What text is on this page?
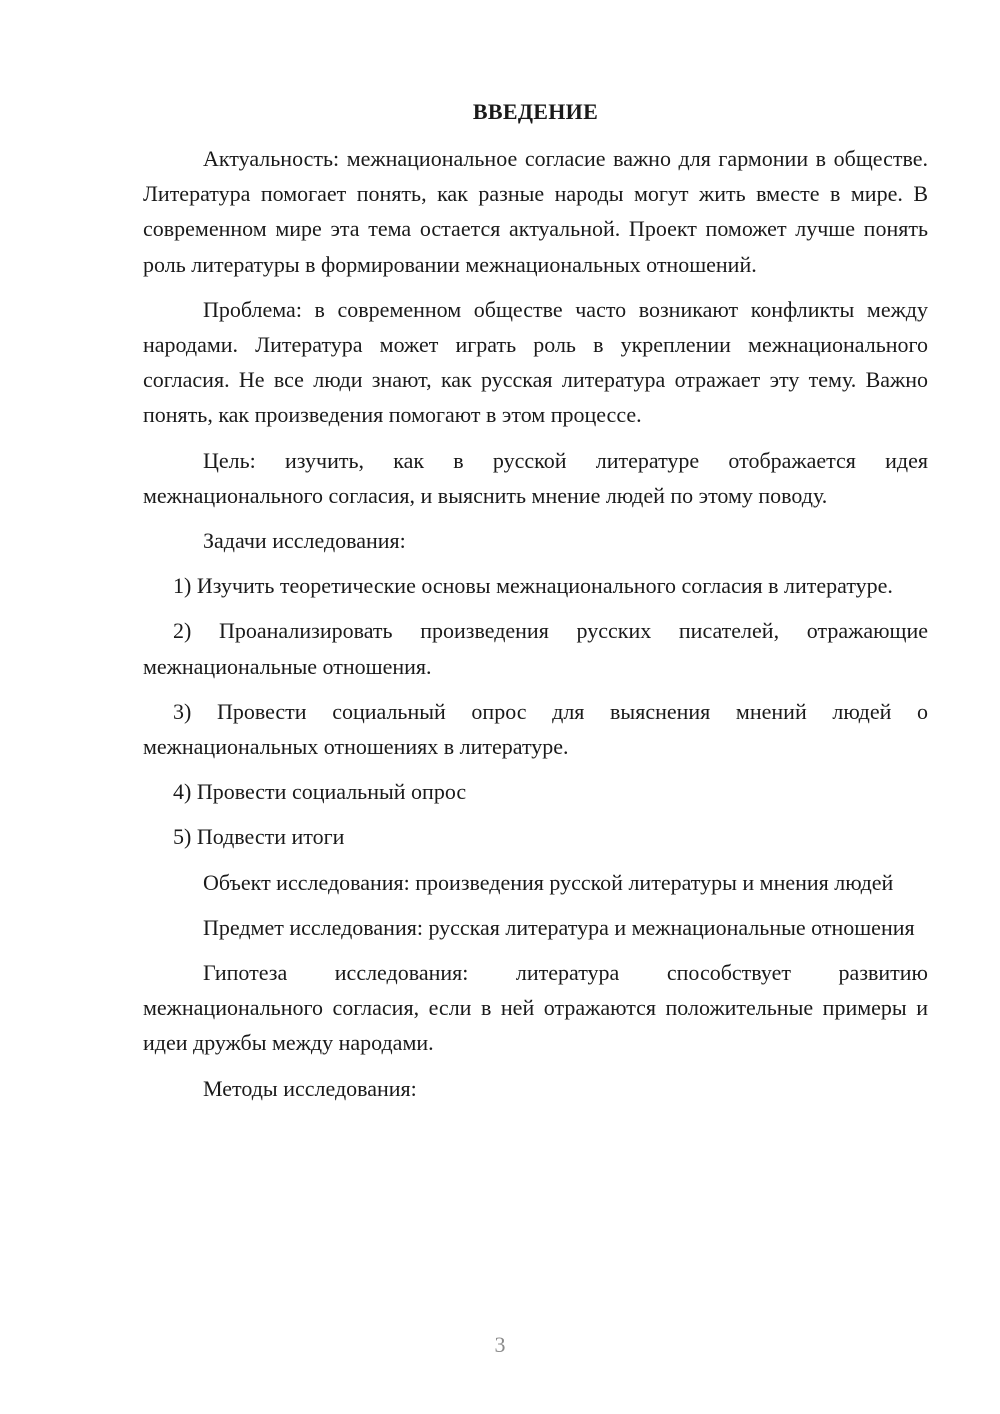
ВВЕДЕНИЕ

Актуальность: межнациональное согласие важно для гармонии в обществе. Литература помогает понять, как разные народы могут жить вместе в мире. В современном мире эта тема остается актуальной. Проект поможет лучше понять роль литературы в формировании межнациональных отношений.

Проблема: в современном обществе часто возникают конфликты между народами. Литература может играть роль в укреплении межнационального согласия. Не все люди знают, как русская литература отражает эту тему. Важно понять, как произведения помогают в этом процессе.

Цель: изучить, как в русской литературе отображается идея межнационального согласия, и выяснить мнение людей по этому поводу.

Задачи исследования:

1) Изучить теоретические основы межнационального согласия в литературе.

2) Проанализировать произведения русских писателей, отражающие межнациональные отношения.

3) Провести социальный опрос для выяснения мнений людей о межнациональных отношениях в литературе.

4) Провести социальный опрос

5) Подвести итоги

Объект исследования: произведения русской литературы и мнения людей

Предмет исследования: русская литература и межнациональные отношения

Гипотеза исследования: литература способствует развитию межнационального согласия, если в ней отражаются положительные примеры и идеи дружбы между народами.

Методы исследования:

3
